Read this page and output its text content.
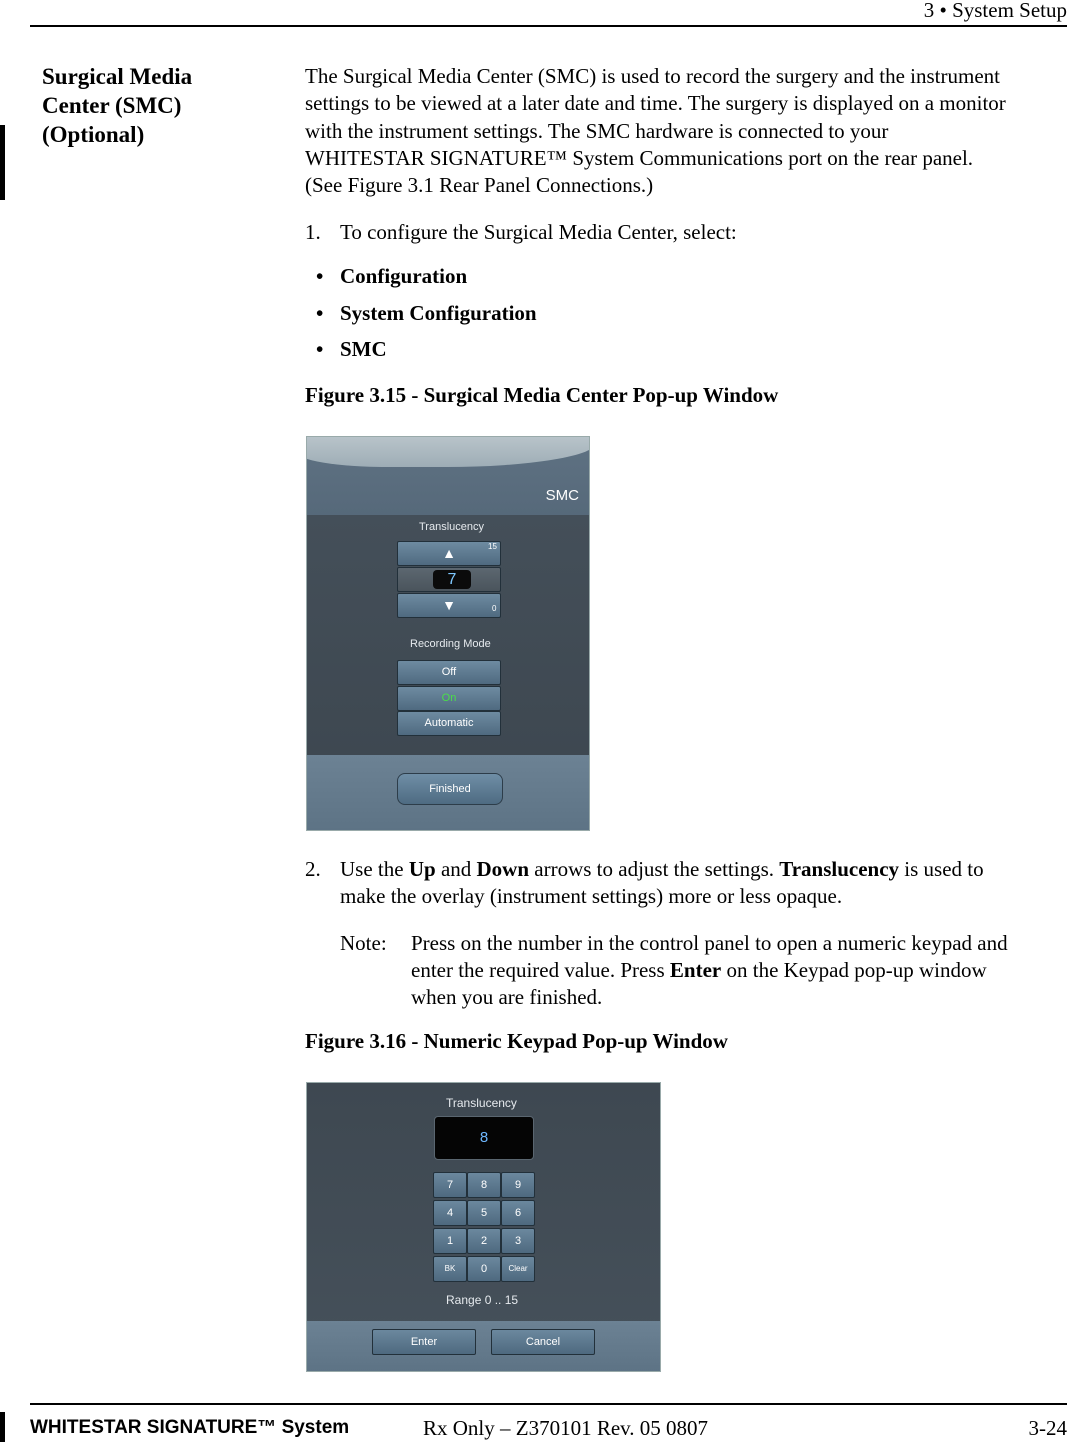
3 • System Setup
Surgical Media
Center (SMC)
(Optional)
The Surgical Media Center (SMC) is used to record the surgery and the instrument
settings to be viewed at a later date and time. The surgery is displayed on a monitor
with the instrument settings. The SMC hardware is connected to your
WHITESTAR SIGNATURE™ System Communications port on the rear panel.
(See Figure 3.1 Rear Panel Connections.)
1. To configure the Surgical Media Center, select:
• Configuration
• System Configuration
• SMC
Figure 3.15 - Surgical Media Center Pop-up Window
SMC
Translucency
▲	15
7
▼	0
Recording Mode
Off
On
Automatic
Finished
2. Use the Up and Down arrows to adjust the settings. Translucency is used to
make the overlay (instrument settings) more or less opaque.
Note: Press on the number in the control panel to open a numeric keypad and
enter the required value. Press Enter on the Keypad pop-up window
when you are finished.
Figure 3.16 - Numeric Keypad Pop-up Window
Translucency
8
7	8	9
4	5	6
1	2	3
BK	0	Clear
Range 0 .. 15
Enter	Cancel
WHITESTAR SIGNATURE™ System	Rx Only – Z370101 Rev. 05 0807	3-24
